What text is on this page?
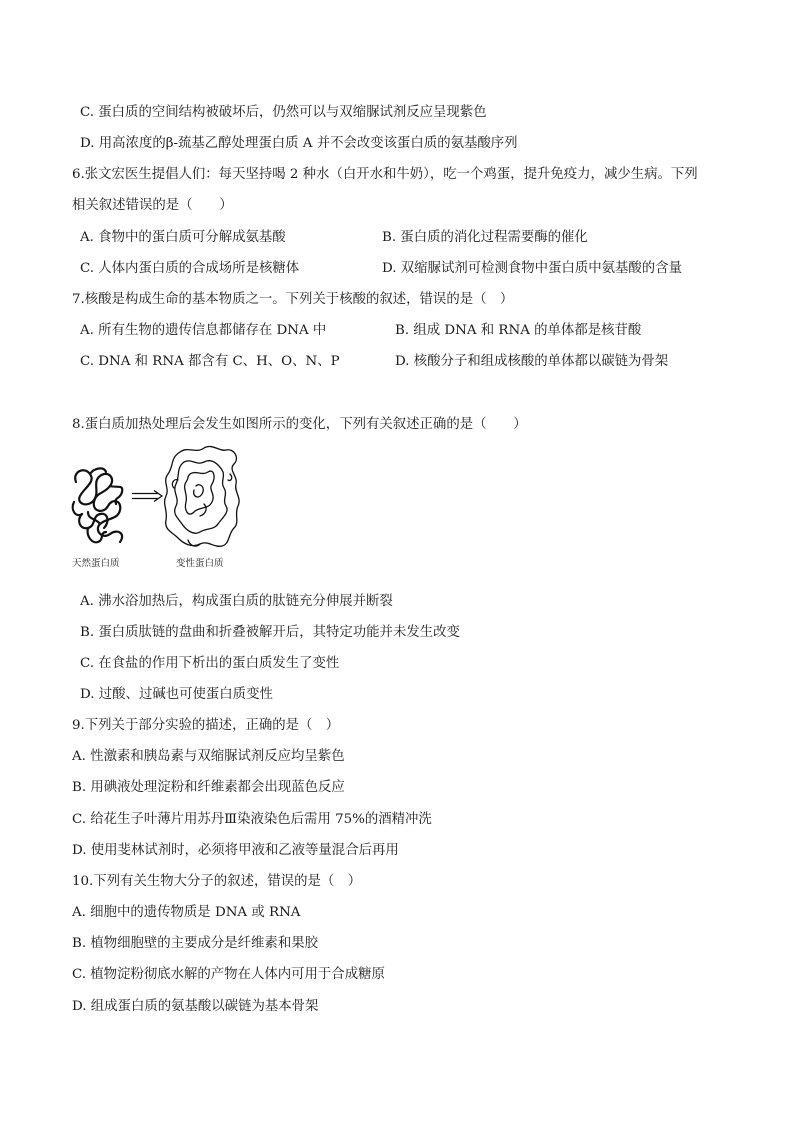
C. 蛋白质的空间结构被破坏后，仍然可以与双缩脲试剂反应呈现紫色
D. 用高浓度的β-巯基乙醇处理蛋白质 A 并不会改变该蛋白质的氨基酸序列
6.张文宏医生提倡人们：每天坚持喝 2 种水（白开水和牛奶），吃一个鸡蛋，提升免疫力，减少生病。下列
相关叙述错误的是（　　）
A. 食物中的蛋白质可分解成氨基酸	B. 蛋白质的消化过程需要酶的催化
C. 人体内蛋白质的合成场所是核糖体	D. 双缩脲试剂可检测食物中蛋白质中氨基酸的含量
7.核酸是构成生命的基本物质之一。下列关于核酸的叙述，错误的是（　）
A. 所有生物的遗传信息都储存在 DNA 中	B. 组成 DNA 和 RNA 的单体都是核苷酸
C. DNA 和 RNA 都含有 C、H、O、N、P	D. 核酸分子和组成核酸的单体都以碳链为骨架
8.蛋白质加热处理后会发生如图所示的变化，下列有关叙述正确的是（　　）
天然蛋白质	变性蛋白质
A. 沸水浴加热后，构成蛋白质的肽链充分伸展并断裂
B. 蛋白质肽链的盘曲和折叠被解开后，其特定功能并未发生改变
C. 在食盐的作用下析出的蛋白质发生了变性
D. 过酸、过碱也可使蛋白质变性
9.下列关于部分实验的描述，正确的是（　）
A. 性激素和胰岛素与双缩脲试剂反应均呈紫色
B. 用碘液处理淀粉和纤维素都会出现蓝色反应
C. 给花生子叶薄片用苏丹Ⅲ染液染色后需用 75%的酒精冲洗
D. 使用斐林试剂时，必须将甲液和乙液等量混合后再用
10.下列有关生物大分子的叙述，错误的是（　）
A. 细胞中的遗传物质是 DNA 或 RNA
B. 植物细胞壁的主要成分是纤维素和果胶
C. 植物淀粉彻底水解的产物在人体内可用于合成糖原
D. 组成蛋白质的氨基酸以碳链为基本骨架
